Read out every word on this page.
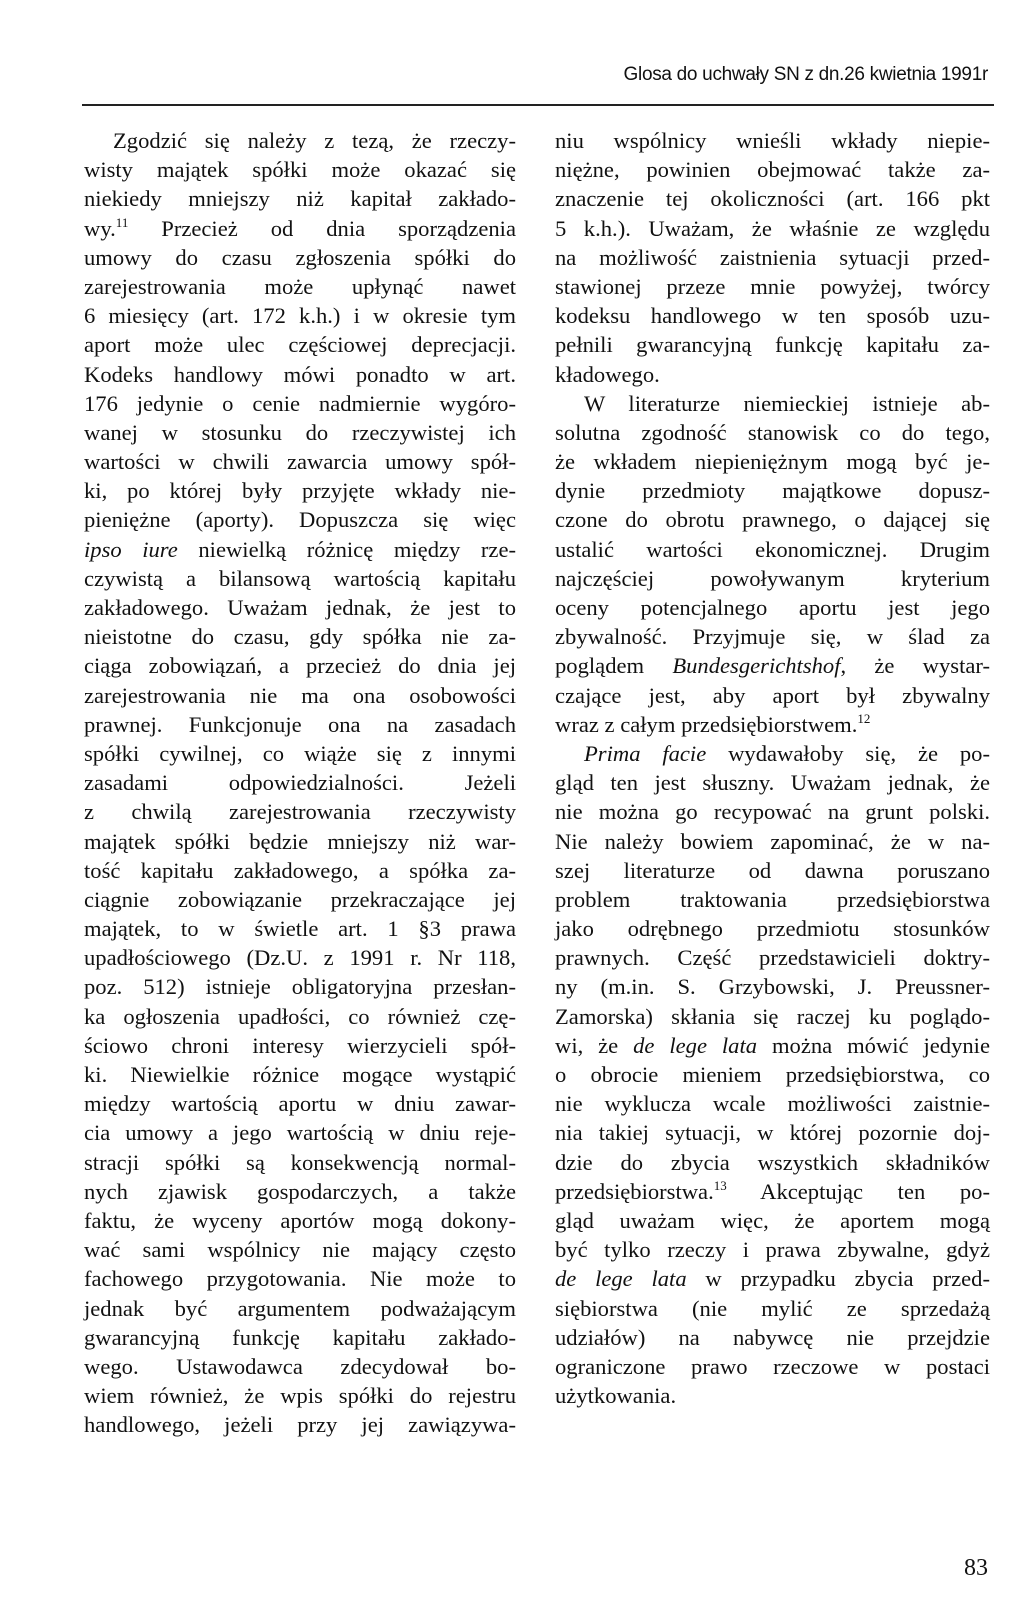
Glosa do uchwały SN z dn.26 kwietnia 1991r
Zgodzić się należy z tezą, że rzeczy-
wisty majątek spółki może okazać się
niekiedy mniejszy niż kapitał zakłado-
wy.$^{11}$ Przecież od dnia sporządzenia
umowy do czasu zgłoszenia spółki do
zarejestrowania może upłynąć nawet
6 miesięcy (art. 172 k.h.) i w okresie tym
aport może ulec częściowej deprecjacji.
Kodeks handlowy mówi ponadto w art.
176 jedynie o cenie nadmiernie wygóro-
wanej w stosunku do rzeczywistej ich
wartości w chwili zawarcia umowy spół-
ki, po której były przyjęte wkłady nie-
pieniężne (aporty). Dopuszcza się więc
ipso iure niewielką różnicę między rze-
czywistą a bilansową wartością kapitału
zakładowego. Uważam jednak, że jest to
nieistotne do czasu, gdy spółka nie za-
ciąga zobowiązań, a przecież do dnia jej
zarejestrowania nie ma ona osobowości
prawnej. Funkcjonuje ona na zasadach
spółki cywilnej, co wiąże się z innymi
zasadami odpowiedzialności. Jeżeli
z chwilą zarejestrowania rzeczywisty
majątek spółki będzie mniejszy niż war-
tość kapitału zakładowego, a spółka za-
ciągnie zobowiązanie przekraczające jej
majątek, to w świetle art. 1 §3 prawa
upadłościowego (Dz.U. z 1991 r. Nr 118,
poz. 512) istnieje obligatoryjna przesłan-
ka ogłoszenia upadłości, co również czę-
ściowo chroni interesy wierzycieli spół-
ki. Niewielkie różnice mogące wystąpić
między wartością aportu w dniu zawar-
cia umowy a jego wartością w dniu reje-
stracji spółki są konsekwencją normal-
nych zjawisk gospodarczych, a także
faktu, że wyceny aportów mogą dokony-
wać sami wspólnicy nie mający często
fachowego przygotowania. Nie może to
jednak być argumentem podważającym
gwarancyjną funkcję kapitału zakłado-
wego. Ustawodawca zdecydował bo-
wiem również, że wpis spółki do rejestru
handlowego, jeżeli przy jej zawiązywa-
niu wspólnicy wnieśli wkłady niepie-
niężne, powinien obejmować także za-
znaczenie tej okoliczności (art. 166 pkt
5 k.h.). Uważam, że właśnie ze względu
na możliwość zaistnienia sytuacji przed-
stawionej przeze mnie powyżej, twórcy
kodeksu handlowego w ten sposób uzu-
pełnili gwarancyjną funkcję kapitału za-
kładowego.
W literaturze niemieckiej istnieje ab-
solutna zgodność stanowisk co do tego,
że wkładem niepieniężnym mogą być je-
dynie przedmioty majątkowe dopusz-
czone do obrotu prawnego, o dającej się
ustalić wartości ekonomicznej. Drugim
najczęściej powoływanym kryterium
oceny potencjalnego aportu jest jego
zbywalność. Przyjmuje się, w ślad za
poglądem Bundesgerichtshof, że wystar-
czające jest, aby aport był zbywalny
wraz z całym przedsiębiorstwem.$^{12}$
Prima facie wydawałoby się, że po-
gląd ten jest słuszny. Uważam jednak, że
nie można go recypować na grunt polski.
Nie należy bowiem zapominać, że w na-
szej literaturze od dawna poruszano
problem traktowania przedsiębiorstwa
jako odrębnego przedmiotu stosunków
prawnych. Część przedstawicieli doktry-
ny (m.in. S. Grzybowski, J. Preussner-
Zamorska) skłania się raczej ku poglądo-
wi, że de lege lata można mówić jedynie
o obrocie mieniem przedsiębiorstwa, co
nie wyklucza wcale możliwości zaistnie-
nia takiej sytuacji, w której pozornie doj-
dzie do zbycia wszystkich składników
przedsiębiorstwa.$^{13}$ Akceptując ten po-
gląd uważam więc, że aportem mogą
być tylko rzeczy i prawa zbywalne, gdyż
de lege lata w przypadku zbycia przed-
siębiorstwa (nie mylić ze sprzedażą
udziałów) na nabywcę nie przejdzie
ograniczone prawo rzeczowe w postaci
użytkowania.
83
